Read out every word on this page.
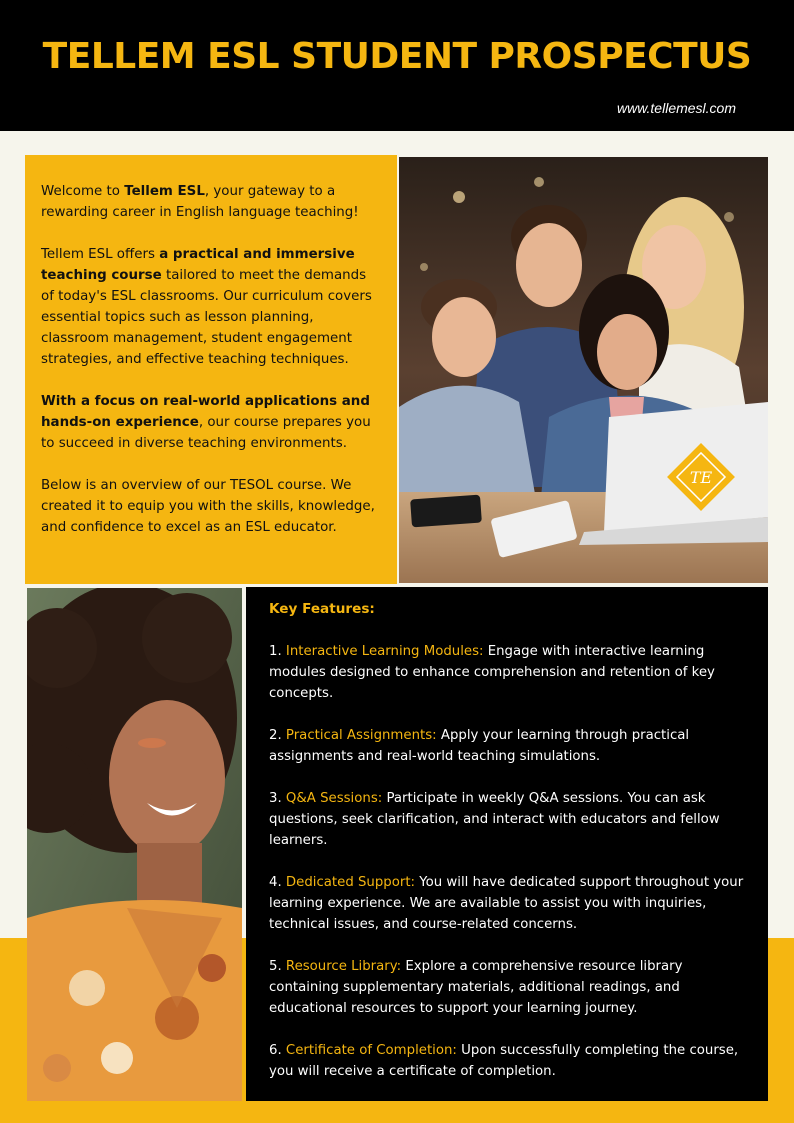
TELLEM ESL STUDENT PROSPECTUS
www.tellemesl.com

Welcome to Tellem ESL, your gateway to a rewarding career in English language teaching!

Tellem ESL offers a practical and immersive teaching course tailored to meet the demands of today's ESL classrooms. Our curriculum covers essential topics such as lesson planning, classroom management, student engagement strategies, and effective teaching techniques.

With a focus on real-world applications and hands-on experience, our course prepares you to succeed in diverse teaching environments.

Below is an overview of our TESOL course. We created it to equip you with the skills, knowledge, and confidence to excel as an ESL educator.

TE
Key Features:

1. Interactive Learning Modules: Engage with interactive learning modules designed to enhance comprehension and retention of key concepts.

2. Practical Assignments: Apply your learning through practical assignments and real-world teaching simulations.

3. Q&A Sessions: Participate in weekly Q&A sessions. You can ask questions, seek clarification, and interact with educators and fellow learners.

4. Dedicated Support: You will have dedicated support throughout your learning experience. We are available to assist you with inquiries, technical issues, and course-related concerns.

5. Resource Library: Explore a comprehensive resource library containing supplementary materials, additional readings, and educational resources to support your learning journey.

6. Certificate of Completion: Upon successfully completing the course, you will receive a certificate of completion.
